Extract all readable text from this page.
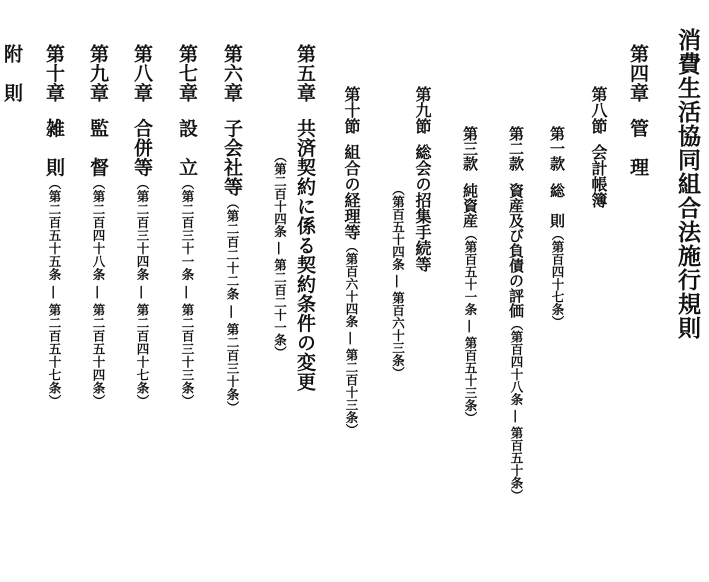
消費生活協同組合法施行規則
第四章管　理
第八節会計帳簿
第一款総　則（第百四十七条）
第二款資産及び負債の評価（第百四十八条 ― 第百五十条）
第三款純資産（第百五十一条 ― 第百五十三条）
第九節総会の招集手続等
（第百五十四条 ― 第百六十三条）
第十節組合の経理等（第百六十四条 ― 第二百十三条）
第五章共済契約に係る契約条件の変更
（第二百十四条 ― 第二百二十一条）
第六章子会社等（第二百二十二条 ― 第二百三十条）
第七章設　立（第二百三十一条 ― 第二百三十三条）
第八章合併等（第二百三十四条 ― 第二百四十七条）
第九章監　督（第二百四十八条 ― 第二百五十四条）
第十章雑　則（第二百五十五条 ― 第二百五十七条）
附　則
